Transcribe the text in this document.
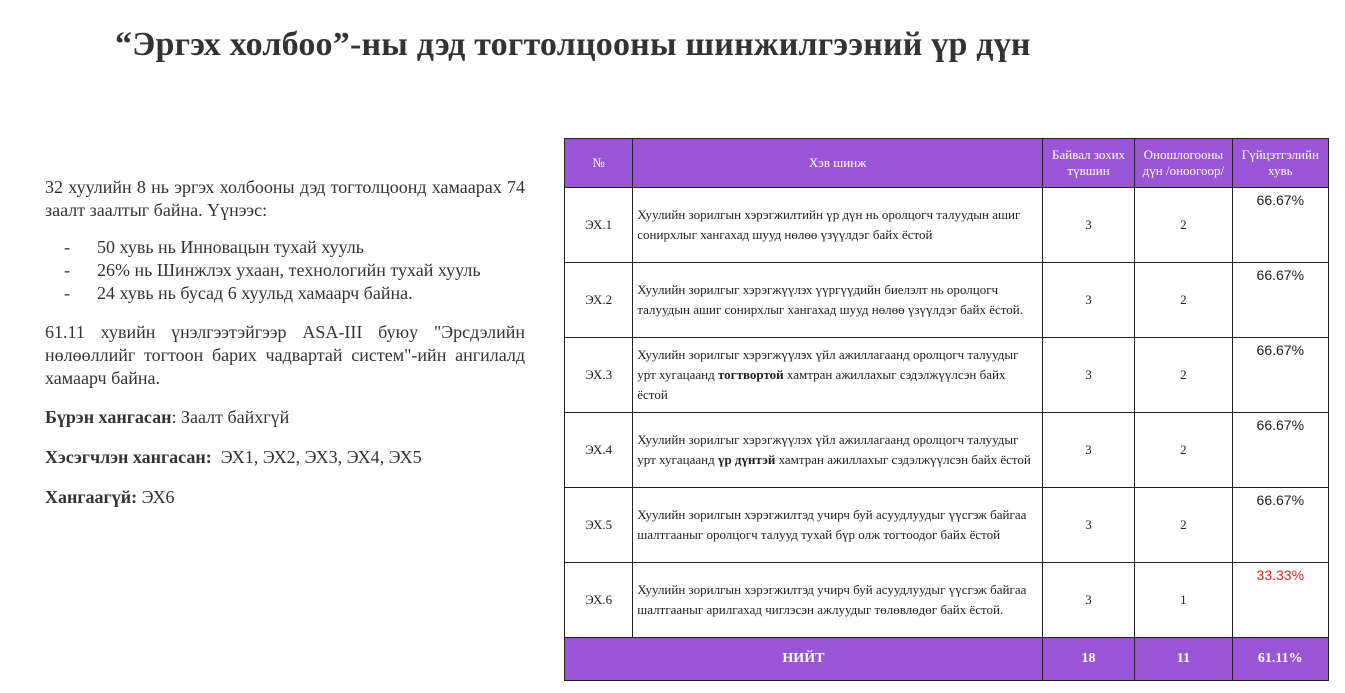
“Эргэх холбоо”-ны дэд тогтолцооны шинжилгээний үр дүн

32 хуулийн 8 нь эргэх холбооны дэд тогтолцоонд хамаарах 74 заалт заалтыг байна. Үүнээс:

- 50 хувь нь Инновацын тухай хууль
- 26% нь Шинжлэх ухаан, технологийн тухай хууль
- 24 хувь нь бусад 6 хуульд хамаарч байна.

61.11 хувийн үнэлгээтэйгээр ASA-III буюу "Эрсдэлийн нөлөөллийг тогтоон барих чадвартай систем"-ийн ангилалд хамаарч байна.

Бүрэн хангасан: Заалт байхгүй

Хэсэгчлэн хангасан: ЭХ1, ЭХ2, ЭХ3, ЭХ4, ЭХ5

Хангаагүй: ЭХ6

№	Хэв шинж	Байвал зохих түвшин	Оношлогооны дүн /оноогоор/	Гүйцэтгэлийн хувь
ЭХ.1	Хуулийн зорилгын хэрэгжилтийн үр дүн нь оролцогч талуудын ашиг сонирхлыг хангахад шууд нөлөө үзүүлдэг байх ёстой	3	2	66.67%
ЭХ.2	Хуулийн зорилгыг хэрэгжүүлэх үүргүүдийн биелэлт нь оролцогч талуудын ашиг сонирхлыг хангахад шууд нөлөө үзүүлдэг байх ёстой.	3	2	66.67%
ЭХ.3	Хуулийн зорилгыг хэрэгжүүлэх үйл ажиллагаанд оролцогч талуудыг урт хугацаанд тогтвортой хамтран ажиллахыг сэдэлжүүлсэн байх ёстой	3	2	66.67%
ЭХ.4	Хуулийн зорилгыг хэрэгжүүлэх үйл ажиллагаанд оролцогч талуудыг урт хугацаанд үр дүнтэй хамтран ажиллахыг сэдэлжүүлсэн байх ёстой	3	2	66.67%
ЭХ.5	Хуулийн зорилгын хэрэгжилтэд учирч буй асуудлуудыг үүсгэж байгаа шалтгааныг оролцогч талууд тухай бүр олж тогтоодог байх ёстой	3	2	66.67%
ЭХ.6	Хуулийн зорилгын хэрэгжилтэд учирч буй асуудлуудыг үүсгэж байгаа шалтгааныг арилгахад чиглэсэн ажлуудыг төлөвлөдөг байх ёстой.	3	1	33.33%
НИЙТ		18	11	61.11%
